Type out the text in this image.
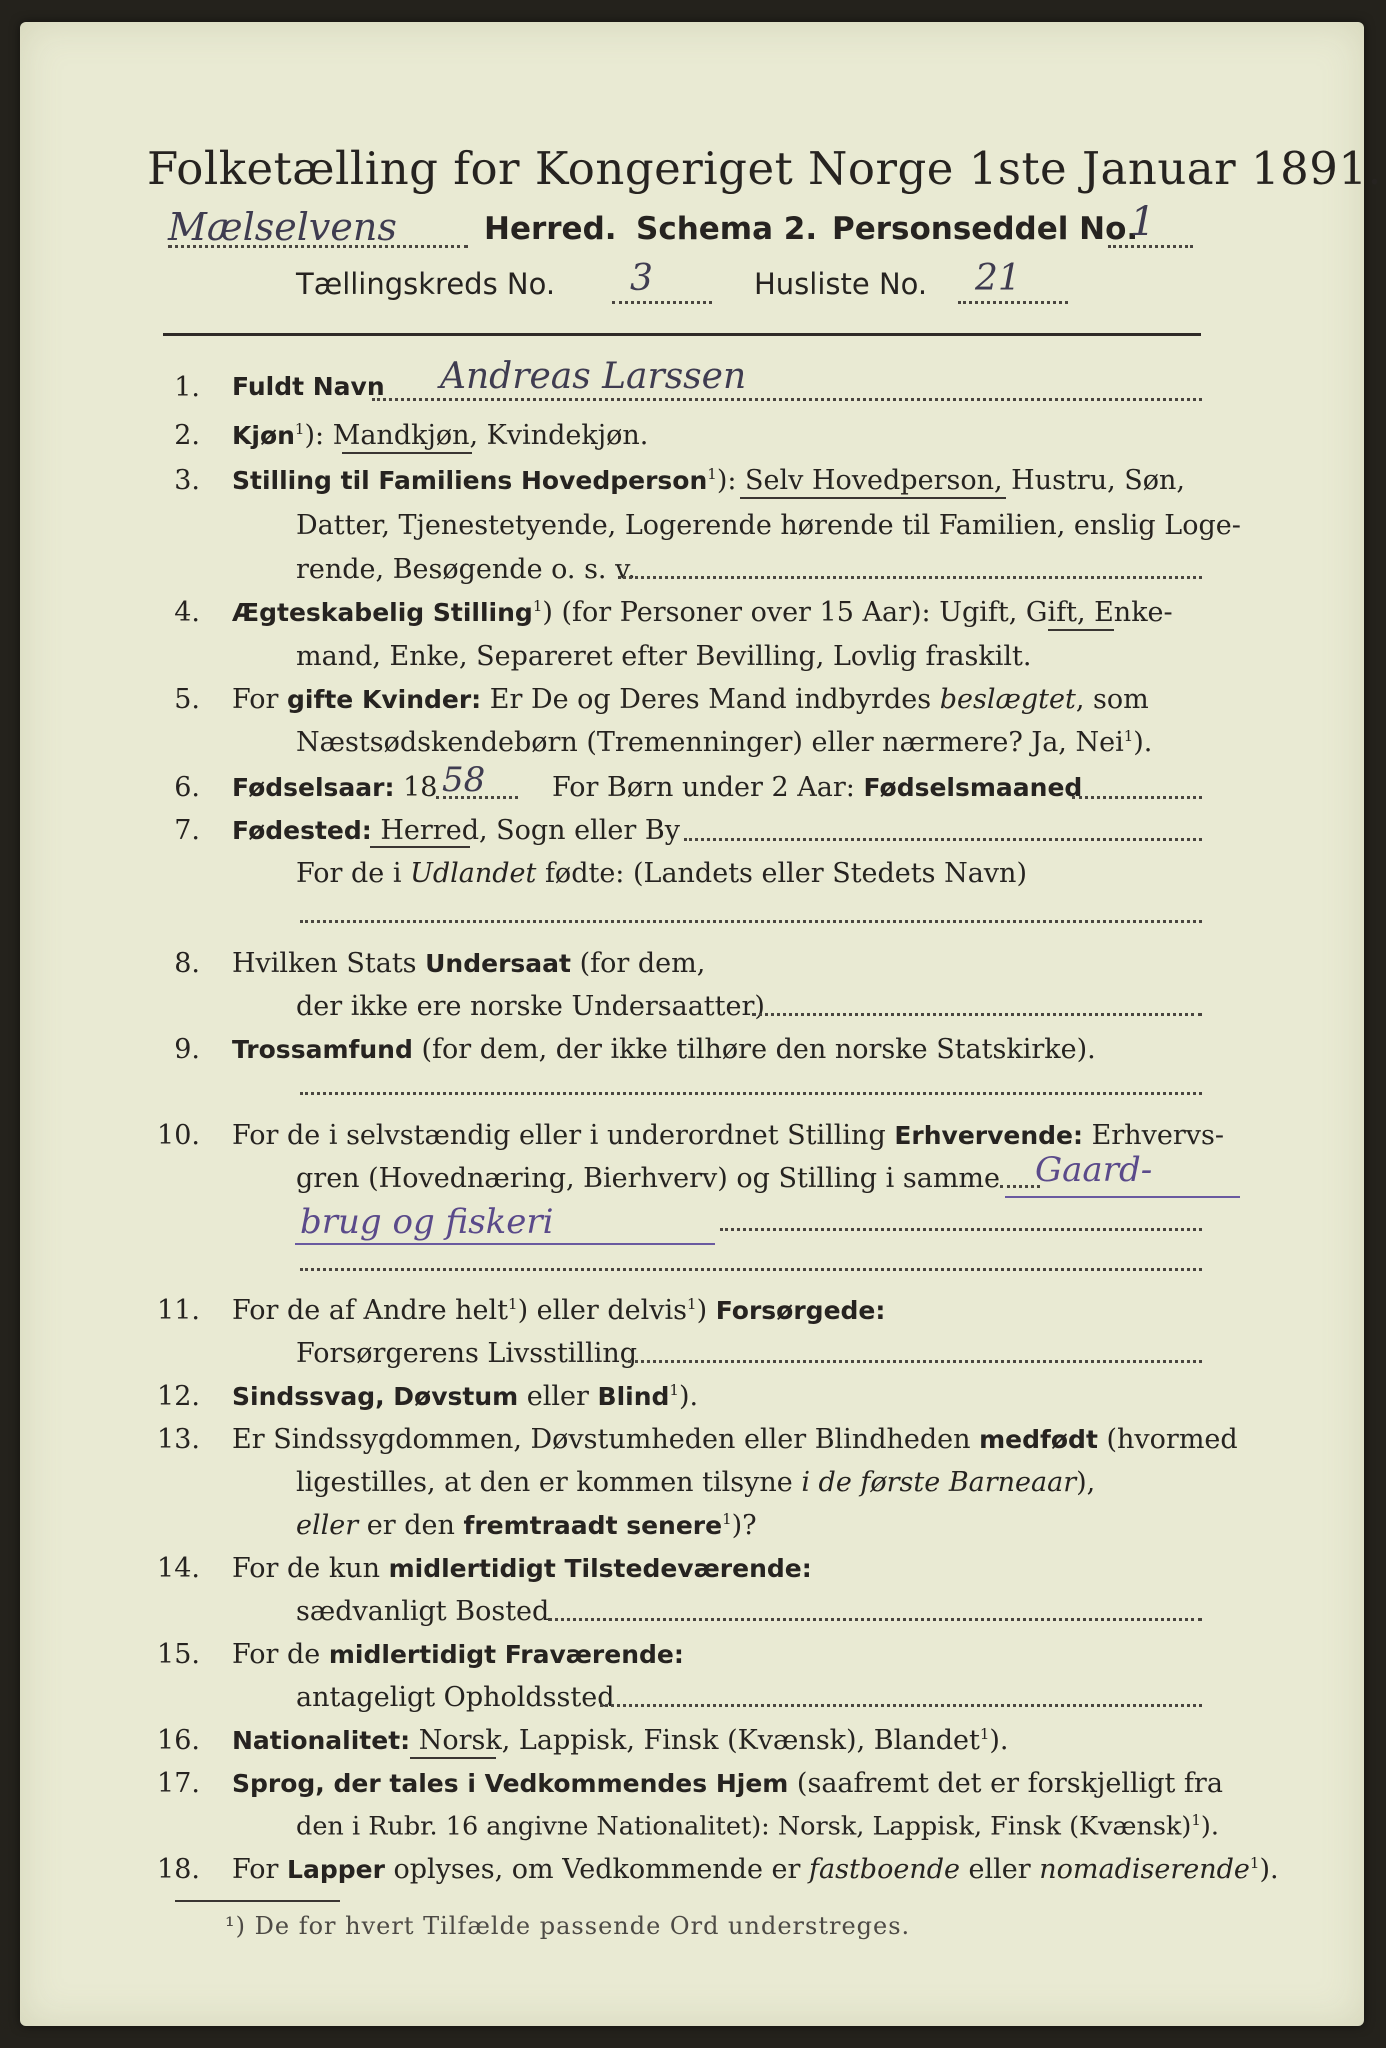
Folketælling for Kongeriget Norge 1ste Januar 1891.
Mælselvens	Herred. Schema 2. Personseddel No.
1
Tællingskreds No. 3	Husliste No. 21
1. Fuldt Navn Andreas Larssen
2. Kjøn$^1$): Mandkjøn, Kvindekjøn.
3. Stilling til Familiens Hovedperson$^1$): Selv Hovedperson, Hustru, Søn,
Datter, Tjenestetyende, Logerende hørende til Familien, enslig Loge-
rende, Besøgende o. s. v.
4. Ægteskabelig Stilling$^1$) (for Personer over 15 Aar): Ugift, Gift, Enke-
mand, Enke, Separeret efter Bevilling, Lovlig fraskilt.
5. For gifte Kvinder: Er De og Deres Mand indbyrdes beslægtet, som
Næstsødskendebørn (Tremenninger) eller nærmere? Ja, Nei$^1$).
6. Fødselsaar: 18 58 For Børn under 2 Aar: Fødselsmaaned
7. Fødested: Herred, Sogn eller By
For de i Udlandet fødte: (Landets eller Stedets Navn)
8. Hvilken Stats Undersaat (for dem,
der ikke ere norske Undersaatter)
9. Trossamfund (for dem, der ikke tilhøre den norske Statskirke).
10. For de i selvstændig eller i underordnet Stilling Erhvervende: Erhvervs-
gren (Hovednæring, Bierhverv) og Stilling i samme Gaard-
brug og fiskeri
11. For de af Andre helt$^1$) eller delvis$^1$) Forsørgede:
Forsørgerens Livsstilling
12. Sindssvag, Døvstum eller Blind$^1$).
13. Er Sindssygdommen, Døvstumheden eller Blindheden medfødt (hvormed
ligestilles, at den er kommen tilsyne i de første Barneaar),
eller er den fremtraadt senere$^1$)?
14. For de kun midlertidigt Tilstedeværende:
sædvanligt Bosted
15. For de midlertidigt Fraværende:
antageligt Opholdssted
16. Nationalitet: Norsk, Lappisk, Finsk (Kvænsk), Blandet$^1$).
17. Sprog, der tales i Vedkommendes Hjem (saafremt det er forskjelligt fra
den i Rubr. 16 angivne Nationalitet): Norsk, Lappisk, Finsk (Kvænsk)$^1$).
18. For Lapper oplyses, om Vedkommende er fastboende eller nomadiserende$^1$).
¹) De for hvert Tilfælde passende Ord understreges.
